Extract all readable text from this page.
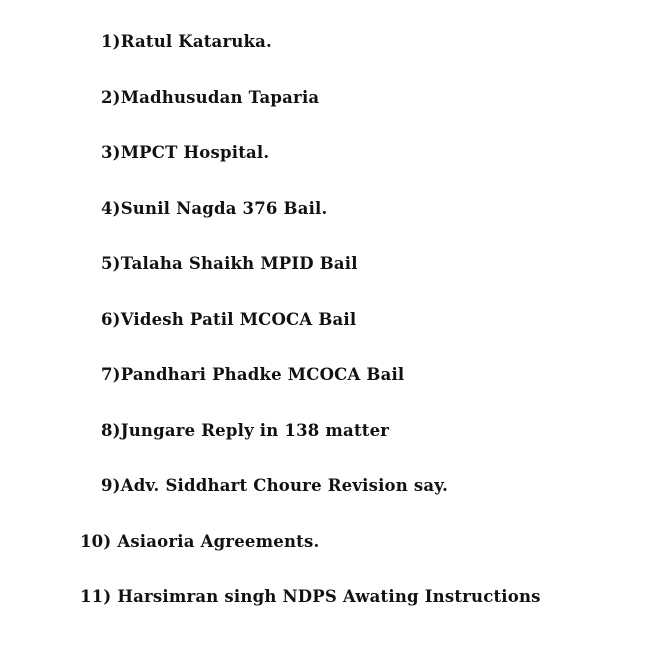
1)Ratul Kataruka.
2)Madhusudan Taparia
3)MPCT Hospital.
4)Sunil Nagda 376 Bail.
5)Talaha Shaikh MPID Bail
6)Videsh Patil MCOCA Bail
7)Pandhari Phadke MCOCA Bail
8)Jungare Reply in 138 matter
9)Adv. Siddhart Choure Revision say.
10) Asiaoria Agreements.
11) Harsimran singh NDPS Awating Instructions
